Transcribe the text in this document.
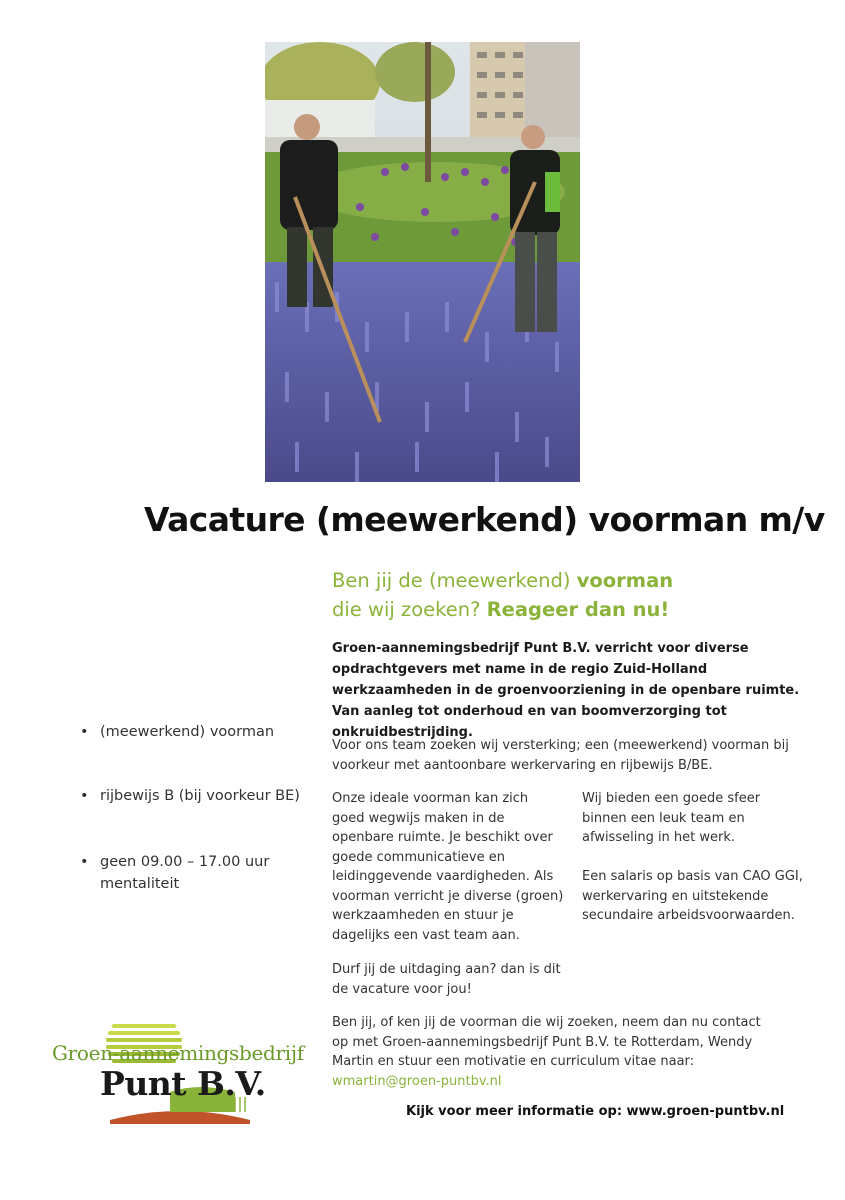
Vacature (meewerkend) voorman m/v
Ben jij de (meewerkend) voorman
die wij zoeken? Reageer dan nu!
Groen-aannemingsbedrijf Punt B.V. verricht voor diverse opdrachtgevers met name in de regio Zuid-Holland werkzaamheden in de groenvoorziening in de openbare ruimte. Van aanleg tot onderhoud en van boomverzorging tot onkruidbestrijding.
Voor ons team zoeken wij versterking; een (meewerkend) voorman bij voorkeur met aantoonbare werkervaring en rijbewijs B/BE.
Onze ideale voorman kan zich goed wegwijs maken in de openbare ruimte. Je beschikt over goede communicatieve en leidinggevende vaardigheden. Als voorman verricht je diverse (groen) werkzaamheden en stuur je dagelijks een vast team aan.
Wij bieden een goede sfeer binnen een leuk team en afwisseling in het werk.
Een salaris op basis van CAO GGI, werkervaring en uitstekende secundaire arbeidsvoorwaarden.
Durf jij de uitdaging aan? dan is dit de vacature voor jou!
Ben jij, of ken jij de voorman die wij zoeken, neem dan nu contact op met Groen-aannemingsbedrijf Punt B.V. te Rotterdam, Wendy Martin en stuur een motivatie en curriculum vitae naar:
wmartin@groen-puntbv.nl
Kijk voor meer informatie op: www.groen-puntbv.nl
• (meewerkend) voorman
• rijbewijs B (bij voorkeur BE)
• geen 09.00 – 17.00 uur mentaliteit
Groen-aannemingsbedrijf
Punt B.V.
